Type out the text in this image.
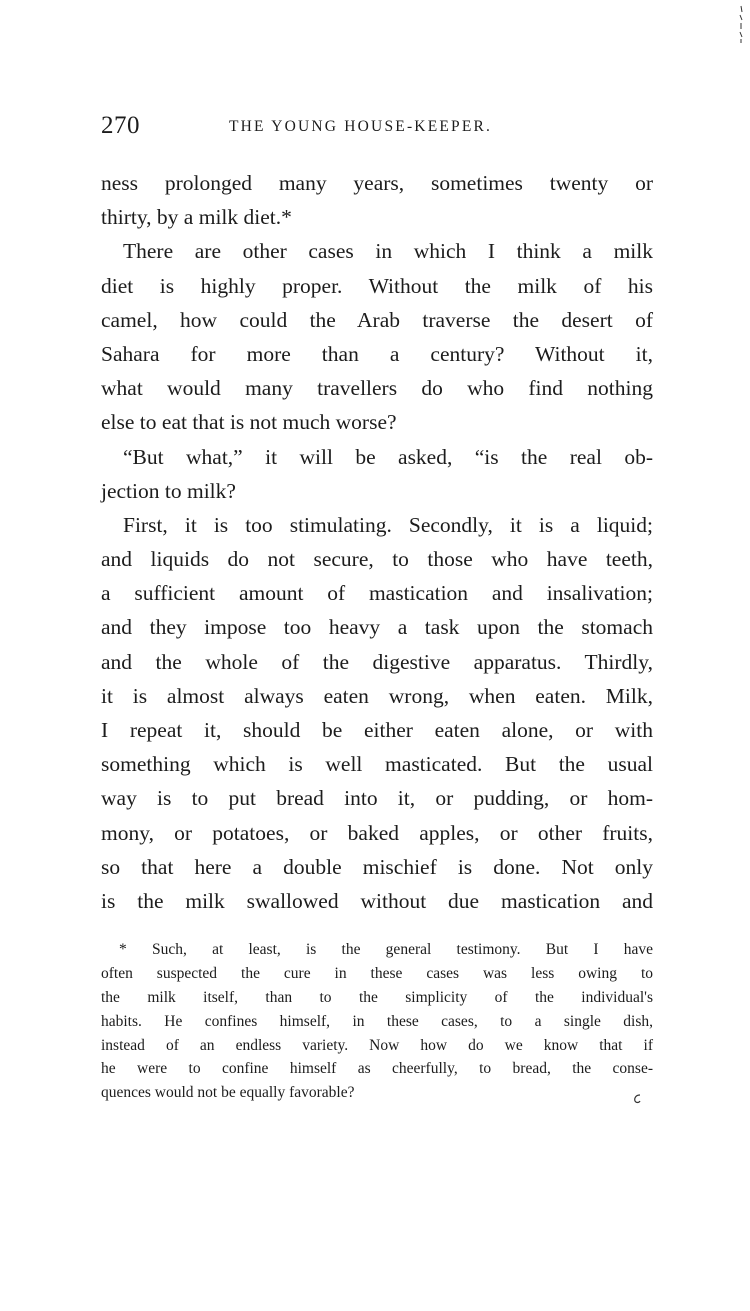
270	THE YOUNG HOUSE-KEEPER.
ness prolonged many years, sometimes twenty or
thirty, by a milk diet.*
There are other cases in which I think a milk
diet is highly proper. Without the milk of his
camel, how could the Arab traverse the desert of
Sahara for more than a century? Without it,
what would many travellers do who find nothing
else to eat that is not much worse?
“But what,” it will be asked, “is the real ob-
jection to milk?
First, it is too stimulating. Secondly, it is a liquid;
and liquids do not secure, to those who have teeth,
a sufficient amount of mastication and insalivation;
and they impose too heavy a task upon the stomach
and the whole of the digestive apparatus. Thirdly,
it is almost always eaten wrong, when eaten. Milk,
I repeat it, should be either eaten alone, or with
something which is well masticated. But the usual
way is to put bread into it, or pudding, or hom-
mony, or potatoes, or baked apples, or other fruits,
so that here a double mischief is done. Not only
is the milk swallowed without due mastication and
* Such, at least, is the general testimony. But I have
often suspected the cure in these cases was less owing to
the milk itself, than to the simplicity of the individual's
habits. He confines himself, in these cases, to a single dish,
instead of an endless variety. Now how do we know that if
he were to confine himself as cheerfully, to bread, the conse-
quences would not be equally favorable?
